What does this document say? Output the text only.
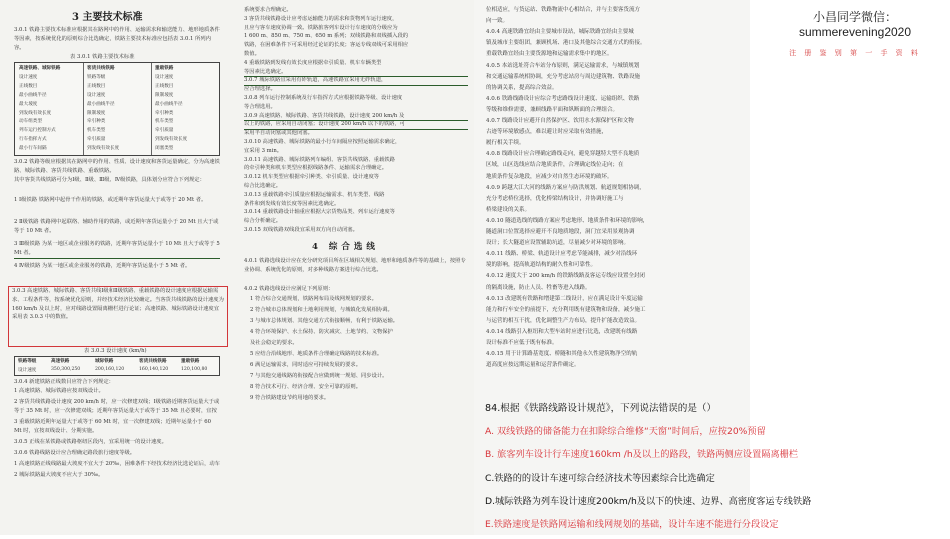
3 主要技术标准
3.0.1 铁路主要技术标准应根据其在路网中的作用、运输需求和输送能力、地形地质条件等因素，按系统优化的原则综合比选确定，铁路主要技术标准应包括表 3.0.1 所列内容。
表 3.0.1 铁路主要技术标准
高速铁路、城际铁路	客货共线铁路	重载铁路
设计速度	铁路等级	设计速度
正线数目	正线数目	正线数目
最小曲线半径	设计速度	限制坡度
最大坡度	最小曲线半径	最小曲线半径
到发线有效长度	限制坡度	牵引种类
动车组类型	牵引种类	机车类型
列车运行控制方式	机车类型	牵引质量
行车指挥方式	牵引质量	到发线有效长度
最小行车间隔	到发线有效长度	闭塞类型
3.0.2 铁路等级应根据其在路网中的作用、性质、设计速度和客货运量确定，分为高速铁路、城际铁路、客货共线铁路、重载铁路。
其中客货共线铁路可分为Ⅰ级、Ⅱ级、Ⅲ级、Ⅳ级铁路，具体划分应符合下列规定：
1 Ⅰ级铁路 铁路网中起骨干作用的铁路，或近期年客货运量大于或等于 20 Mt 者。
2 Ⅱ级铁路 铁路网中起联络、辅助作用的铁路，或近期年客货运量小于 20 Mt 且大于或等于 10 Mt 者。
3 Ⅲ级铁路 为某一地区或企业服务的铁路，近期年客货运量小于 10 Mt 且大于或等于 5 Mt 者。
4 Ⅳ级铁路 为某一地区或企业服务的铁路，近期年客货运量小于 5 Mt 者。
3.0.3 高速铁路、城际铁路、客货共线Ⅰ级和Ⅱ级铁路、重载铁路的设计速度应根据运输需求、工程条件等，按系统优化原则，并经技术经济比较确定。当客货共线铁路的设计速度为 160 km/h 及以上时，应对线路设置隔离栅栏进行论证；高速铁路、城际铁路设计速度宜采用表 3.0.3 中的数值。
表 3.0.3 设计速度 (km/h)
铁路等级	高速铁路	城际铁路	客货共线铁路	重载铁路
设计速度	350,300,250	200,160,120	160,140,120	120,100,80
3.0.4 新建铁路正线数目应符合下列规定：
1 高速铁路、城际铁路应按双线设计。
2 客货共线铁路设计速度 200 km/h 时，应一次修建双线；Ⅰ级铁路近期客货运量大于或等于 35 Mt 时，应一次修建双线；近期年客货运量大于或等于 35 Mt 且必要时，宜按
3 重载铁路近期年运量大于或等于 60 Mt 时，宜一次修建双线；近期年运量小于 60 Mt 时，宜按双线设计、分期实施。
3.0.5 正线在某铁路或铁路枢纽区段内，宜采用统一的设计速度。
3.0.6 铁路线路设计应合理确定路段旅行速度等级。
1 高速铁路正线线路最大坡度不宜大于 20‰，困难条件下经技术经济比选论证后，动车
2 城际铁路最大坡度不应大于 30‰。
系统要求合理确定。
3 客货共线铁路设计应考虑运输能力的需求和货物列车运行速度，
且应与客车速度协调一致。铁路旅客列车设计行车速度的分级应为
1 600 m、850 m、750 m、650 m 系列；双线铁路和双线插入段的
铁路，在困难条件下可采用经过论证的长度；客运专线双线可采用相应
数值。
4 重载铁路到发线有效长度应根据牵引质量、机车车辆类型
等因素比选确定。
3.0.7 城际铁路宜采用有砟轨道，高速铁路宜采用无砟轨道，
应合理选择。
3.0.8 列车运行控制系统及行车指挥方式应根据铁路等级、设计速度
等合理选用。
3.0.9 高速铁路、城际铁路、客货共线铁路，设计速度 200 km/h 及
以上的铁路，应采用自动闭塞；设计速度 200 km/h 以下的铁路，可
采用半自动闭塞或其他闭塞。
3.0.10 高速铁路、城际铁路的最小行车间隔应按照运输需求确定，
宜采用 3 min。
3.0.11 高速铁路、城际铁路列车编组、客货共线铁路、重载铁路
的牵引种类和机车类型应根据线路条件、运输需求合理确定。
3.0.12 机车类型应根据牵引种类、牵引质量、设计速度等
综合比选确定。
3.0.13 重载铁路牵引质量应根据运输需求、机车类型、线路
条件和到发线有效长度等因素比选确定。
3.0.14 重载铁路设计轴重应根据大宗货物品类、列车运行速度等
综合分析确定。
3.0.15 双线铁路双线段宜采用双方向自动闭塞。
4 综合选线
4.0.1 铁路选线设计应在充分研究项目所在区域相关规划、地形和地质条件等的基础上，按照专业协调、系统优化的原则，对多种线路方案进行综合比选。
4.0.2 铁路选线设计应满足下列原则：
1 符合综合交通规划，铁路网布局及线网规划的要求。
2 符合城市总体规划和土地利用规划，与城镇化发展相协调。
3 与城市总体规划、其他交通方式衔接顺畅，有利于铁路运输。
4 符合环境保护、水土保持、防灾减灾、土地节约、文物保护
及社会稳定的要求。
5 应结合沿线地形、地质条件合理确定线路的技术标准。
6 满足运输需求，同时适应可持续发展的要求。
7 与其他交通线路的衔接配合应做到统一规划、同步设计。
8 符合技术可行、经济合理、安全可靠的原则。
9 符合铁路建设节约用地的要求。
位相适应，与货运站、铁路物流中心相结合，并与主要客货流方
向一致。
4.0.4 高速铁路宜经由主要城市设站，城际铁路宜经由主要城
镇及城市主要组团，兼顾机场、港口及其他综合交通方式的衔接。
重载铁路宜经由主要货源地和运输需求集中的地区。
4.0.5 本站选址符合车站分布原则，满足运输需求，与城镇规划
和交通运输系统相协调，充分考虑站房与周边建筑物、铁路设施
的协调关系，提高综合效益。
4.0.6 铁路线路设计应综合考虑路线设计速度、运输组织、铁路
等级和维修需要，兼顾线路平面和纵断面的合理组合。
4.0.7 线路设计应避开自然保护区、饮用水水源保护区和文物
古迹等环境敏感点，难以避让时应采取有效措施，
履行相关手续。
4.0.8 线路设计应合理确定路线走向，避免穿越特大型不良地质
区域，山区选线应结合地质条件，合理确定线位走向；在
地质条件复杂地段，应减少对自然生态环境的破坏。
4.0.9 跨越大江大河的线路方案应与防洪规划、航道规划相协调，
充分考虑桥位选择，优化桥梁结构设计，并协调好施工与
桥梁建设的关系。
4.0.10 隧道选线的线路方案应考虑地形、地质条件和环境的影响，
隧道洞口位置选择应避开不良地质地段，洞门宜采用景观协调
设计；长大隧道应设置辅助坑道，尽量减少对环境的影响。
4.0.11 线路、桥梁、轨道设计应考虑节能减排，减少对沿线环
境的影响，提高轨道结构的耐久性和可靠性。
4.0.12 速度大于 200 km/h 的铁路线路及客运专线应设置全封闭
的隔离设施，防止人员、牲畜等进入线路。
4.0.13 改建既有铁路和增建第二线设计，应在满足设计年度运输
能力和行车安全的前提下，充分利用既有建筑物和设备，减少施工
与运营的相互干扰，优化调整生产力布局，提升扩能改造效益。
4.0.14 线路引入枢纽和大型车站时应进行比选，改建既有线路
设计标准不应低于既有标准。
4.0.15 用于计算路基宽度、桥隧和其他永久性建筑物净空的轨
道高度应按远期运量和运营条件确定。
小昌同学微信：summerevening2020
注 册 鉴 别 第 一 手 资 料
84.根据《铁路线路设计规范》，下列说法错误的是（）
A. 双线铁路的储备能力在扣除综合维修“天窗”时间后，应按20%预留
B. 旅客列车设计行车速度160km /h及以上的路段，铁路两侧应设置隔离栅栏
C.铁路的的设计车速可综合经济技术等因素综合比选确定
D.城际铁路为列车设计速度200km/h及以下的快速、边界、高密度客运专线铁路
E.铁路速度是铁路网运输和线网规划的基础，设计车速不能进行分段设定
